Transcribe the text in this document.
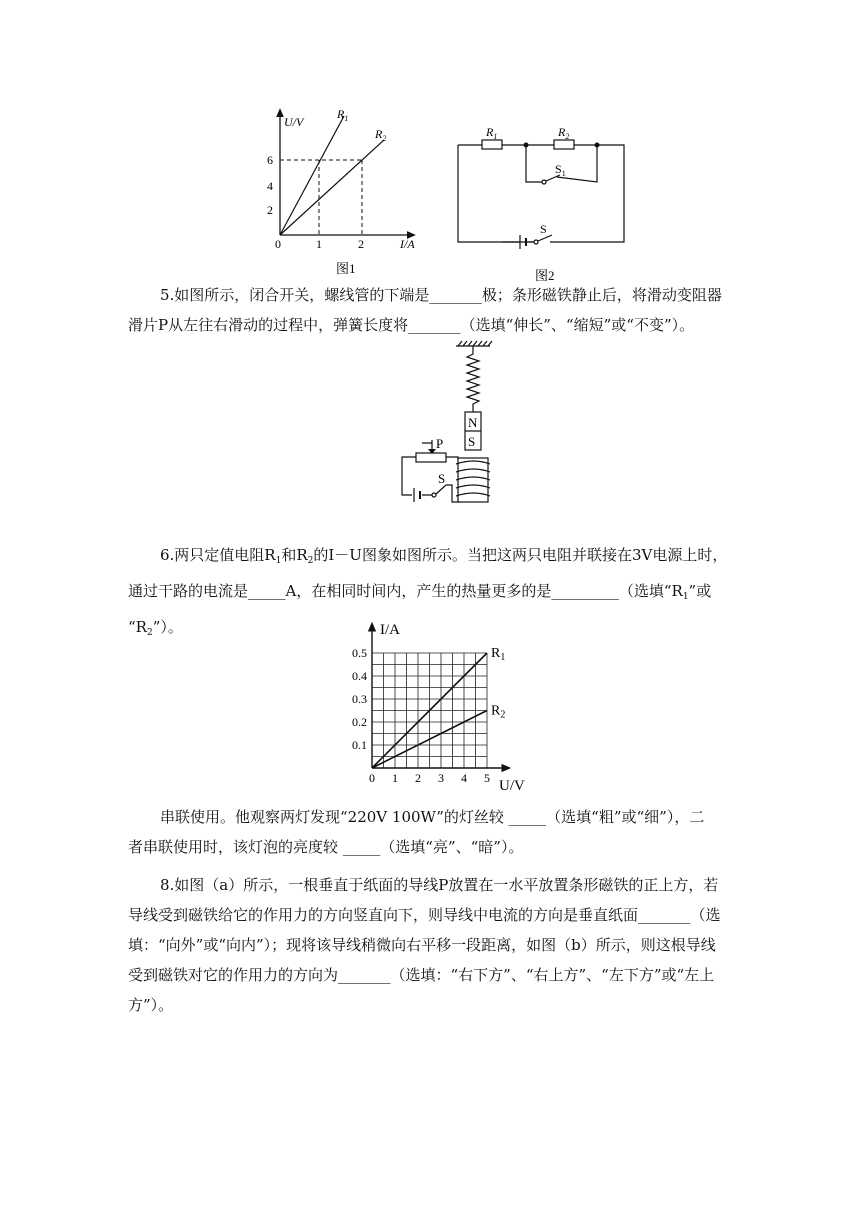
U/V
I/A
6
4
2
0	1	2
$R_1$
$R_2$
图1
$R_1$	$R_2$
$S_1$
S
图2
5.如图所示，闭合开关，螺线管的下端是_______极；条形磁铁静止后，将滑动变阻器
滑片P从左往右滑动的过程中，弹簧长度将_______（选填“伸长”、“缩短”或“不变”）。
N
S
P
S
6.两只定值电阻$R_1$和$R_2$的I－U图象如图所示。当把这两只电阻并联接在3V电源上时，
通过干路的电流是_____A，在相同时间内，产生的热量更多的是_________（选填“$R_1$”或
“$R_2$”）。	I/A
U/V
0 1 2 3 4 5
0.5
0.4
0.3
0.2
0.1
$R_1$
$R_2$
串联使用。他观察两灯发现“220V 100W”的灯丝较 _____（选填“粗”或“细”），二
者串联使用时，该灯泡的亮度较 _____（选填“亮”、“暗”）。
8.如图（a）所示，一根垂直于纸面的导线P放置在一水平放置条形磁铁的正上方，若
导线受到磁铁给它的作用力的方向竖直向下，则导线中电流的方向是垂直纸面_______（选
填：“向外”或“向内”）；现将该导线稍微向右平移一段距离，如图（b）所示，则这根导线
受到磁铁对它的作用力的方向为_______（选填：“右下方”、“右上方”、“左下方”或“左上
方”）。
